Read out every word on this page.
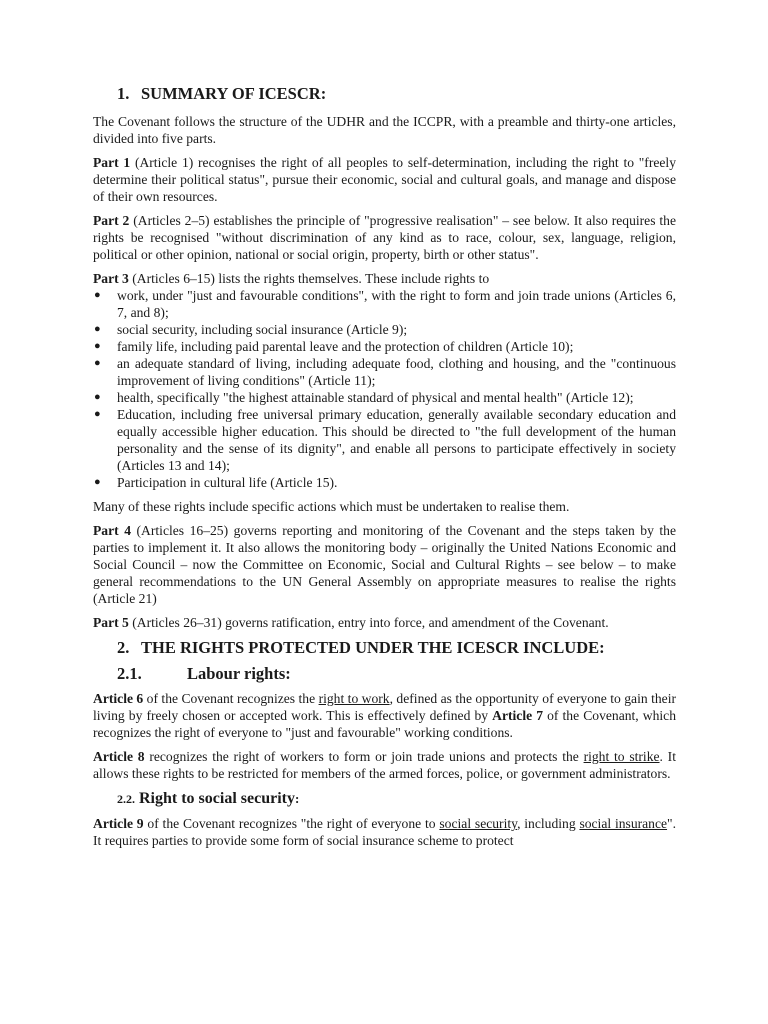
1. SUMMARY OF ICESCR:

The Covenant follows the structure of the UDHR and the ICCPR, with a preamble and thirty-one articles, divided into five parts.

Part 1 (Article 1) recognises the right of all peoples to self-determination, including the right to "freely determine their political status", pursue their economic, social and cultural goals, and manage and dispose of their own resources.

Part 2 (Articles 2–5) establishes the principle of "progressive realisation" – see below. It also requires the rights be recognised "without discrimination of any kind as to race, colour, sex, language, religion, political or other opinion, national or social origin, property, birth or other status".

Part 3 (Articles 6–15) lists the rights themselves. These include rights to

● work, under "just and favourable conditions", with the right to form and join trade unions (Articles 6, 7, and 8);
● social security, including social insurance (Article 9);
● family life, including paid parental leave and the protection of children (Article 10);
● an adequate standard of living, including adequate food, clothing and housing, and the "continuous improvement of living conditions" (Article 11);
● health, specifically "the highest attainable standard of physical and mental health" (Article 12);
● Education, including free universal primary education, generally available secondary education and equally accessible higher education. This should be directed to "the full development of the human personality and the sense of its dignity", and enable all persons to participate effectively in society (Articles 13 and 14);
● Participation in cultural life (Article 15).

Many of these rights include specific actions which must be undertaken to realise them.

Part 4 (Articles 16–25) governs reporting and monitoring of the Covenant and the steps taken by the parties to implement it. It also allows the monitoring body – originally the United Nations Economic and Social Council – now the Committee on Economic, Social and Cultural Rights – see below – to make general recommendations to the UN General Assembly on appropriate measures to realise the rights (Article 21)

Part 5 (Articles 26–31) governs ratification, entry into force, and amendment of the Covenant.

2. THE RIGHTS PROTECTED UNDER THE ICESCR INCLUDE:
2.1.	Labour rights:

Article 6 of the Covenant recognizes the right to work, defined as the opportunity of everyone to gain their living by freely chosen or accepted work. This is effectively defined by Article 7 of the Covenant, which recognizes the right of everyone to "just and favourable" working conditions.

Article 8 recognizes the right of workers to form or join trade unions and protects the right to strike. It allows these rights to be restricted for members of the armed forces, police, or government administrators.

2.2. Right to social security:

Article 9 of the Covenant recognizes "the right of everyone to social security, including social insurance". It requires parties to provide some form of social insurance scheme to protect
